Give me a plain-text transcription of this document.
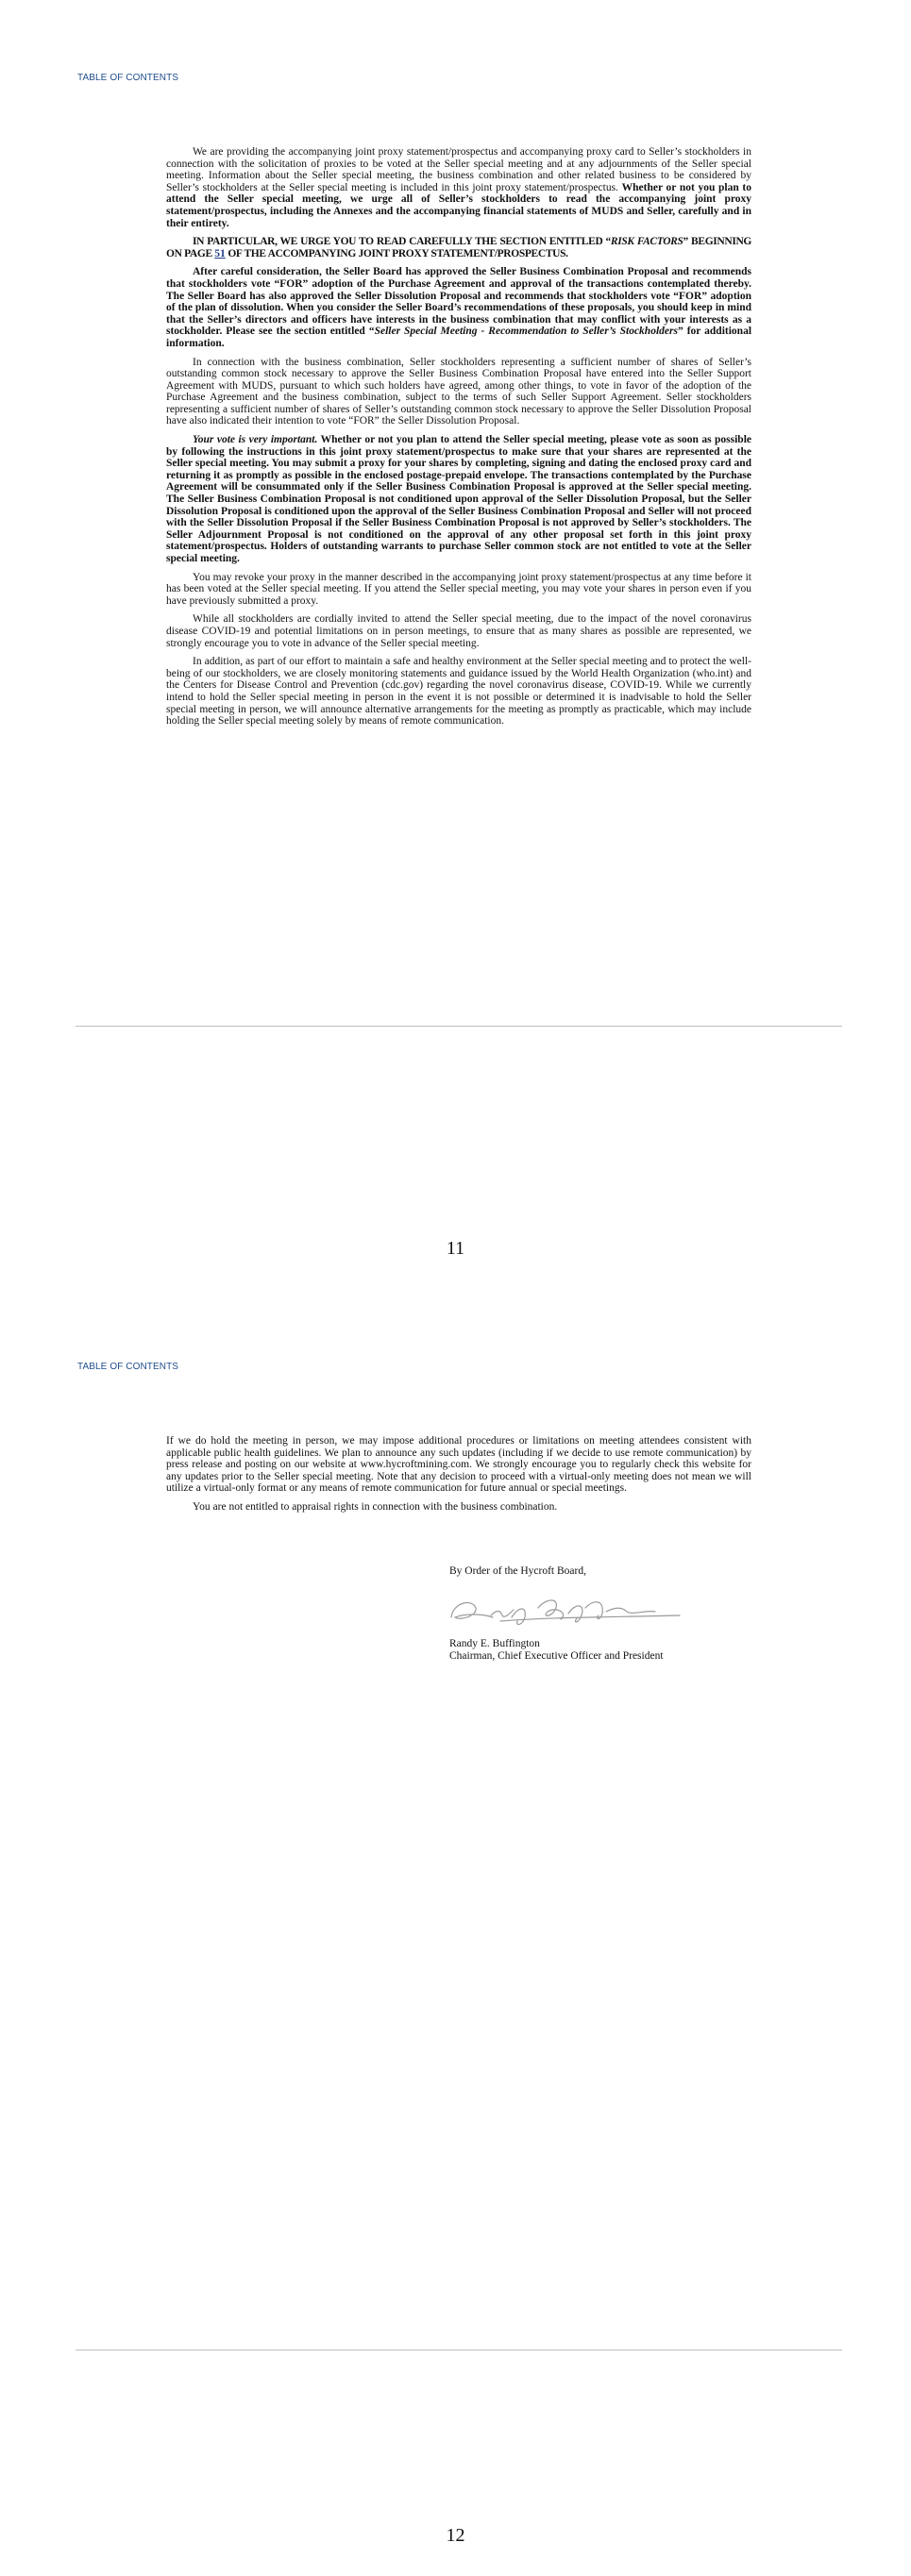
TABLE OF CONTENTS

We are providing the accompanying joint proxy statement/prospectus and accompanying proxy card to Seller’s stockholders in connection with the solicitation of proxies to be voted at the Seller special meeting and at any adjournments of the Seller special meeting. Information about the Seller special meeting, the business combination and other related business to be considered by Seller’s stockholders at the Seller special meeting is included in this joint proxy statement/prospectus. Whether or not you plan to attend the Seller special meeting, we urge all of Seller’s stockholders to read the accompanying joint proxy statement/prospectus, including the Annexes and the accompanying financial statements of MUDS and Seller, carefully and in their entirety.

IN PARTICULAR, WE URGE YOU TO READ CAREFULLY THE SECTION ENTITLED “RISK FACTORS” BEGINNING ON PAGE 51 OF THE ACCOMPANYING JOINT PROXY STATEMENT/PROSPECTUS.

After careful consideration, the Seller Board has approved the Seller Business Combination Proposal and recommends that stockholders vote “FOR” adoption of the Purchase Agreement and approval of the transactions contemplated thereby. The Seller Board has also approved the Seller Dissolution Proposal and recommends that stockholders vote “FOR” adoption of the plan of dissolution. When you consider the Seller Board’s recommendations of these proposals, you should keep in mind that the Seller’s directors and officers have interests in the business combination that may conflict with your interests as a stockholder. Please see the section entitled “Seller Special Meeting - Recommendation to Seller’s Stockholders” for additional information.

In connection with the business combination, Seller stockholders representing a sufficient number of shares of Seller’s outstanding common stock necessary to approve the Seller Business Combination Proposal have entered into the Seller Support Agreement with MUDS, pursuant to which such holders have agreed, among other things, to vote in favor of the adoption of the Purchase Agreement and the business combination, subject to the terms of such Seller Support Agreement. Seller stockholders representing a sufficient number of shares of Seller’s outstanding common stock necessary to approve the Seller Dissolution Proposal have also indicated their intention to vote “FOR” the Seller Dissolution Proposal.

Your vote is very important. Whether or not you plan to attend the Seller special meeting, please vote as soon as possible by following the instructions in this joint proxy statement/prospectus to make sure that your shares are represented at the Seller special meeting. You may submit a proxy for your shares by completing, signing and dating the enclosed proxy card and returning it as promptly as possible in the enclosed postage-prepaid envelope. The transactions contemplated by the Purchase Agreement will be consummated only if the Seller Business Combination Proposal is approved at the Seller special meeting. The Seller Business Combination Proposal is not conditioned upon approval of the Seller Dissolution Proposal, but the Seller Dissolution Proposal is conditioned upon the approval of the Seller Business Combination Proposal and Seller will not proceed with the Seller Dissolution Proposal if the Seller Business Combination Proposal is not approved by Seller’s stockholders. The Seller Adjournment Proposal is not conditioned on the approval of any other proposal set forth in this joint proxy statement/prospectus. Holders of outstanding warrants to purchase Seller common stock are not entitled to vote at the Seller special meeting.

You may revoke your proxy in the manner described in the accompanying joint proxy statement/prospectus at any time before it has been voted at the Seller special meeting. If you attend the Seller special meeting, you may vote your shares in person even if you have previously submitted a proxy.

While all stockholders are cordially invited to attend the Seller special meeting, due to the impact of the novel coronavirus disease COVID-19 and potential limitations on in person meetings, to ensure that as many shares as possible are represented, we strongly encourage you to vote in advance of the Seller special meeting.

In addition, as part of our effort to maintain a safe and healthy environment at the Seller special meeting and to protect the well-being of our stockholders, we are closely monitoring statements and guidance issued by the World Health Organization (who.int) and the Centers for Disease Control and Prevention (cdc.gov) regarding the novel coronavirus disease, COVID-19. While we currently intend to hold the Seller special meeting in person in the event it is not possible or determined it is inadvisable to hold the Seller special meeting in person, we will announce alternative arrangements for the meeting as promptly as practicable, which may include holding the Seller special meeting solely by means of remote communication.

11
TABLE OF CONTENTS

If we do hold the meeting in person, we may impose additional procedures or limitations on meeting attendees consistent with applicable public health guidelines. We plan to announce any such updates (including if we decide to use remote communication) by press release and posting on our website at www.hycroftmining.com. We strongly encourage you to regularly check this website for any updates prior to the Seller special meeting. Note that any decision to proceed with a virtual-only meeting does not mean we will utilize a virtual-only format or any means of remote communication for future annual or special meetings.

You are not entitled to appraisal rights in connection with the business combination.

By Order of the Hycroft Board,
Randy E. Buffington
Chairman, Chief Executive Officer and President
12
